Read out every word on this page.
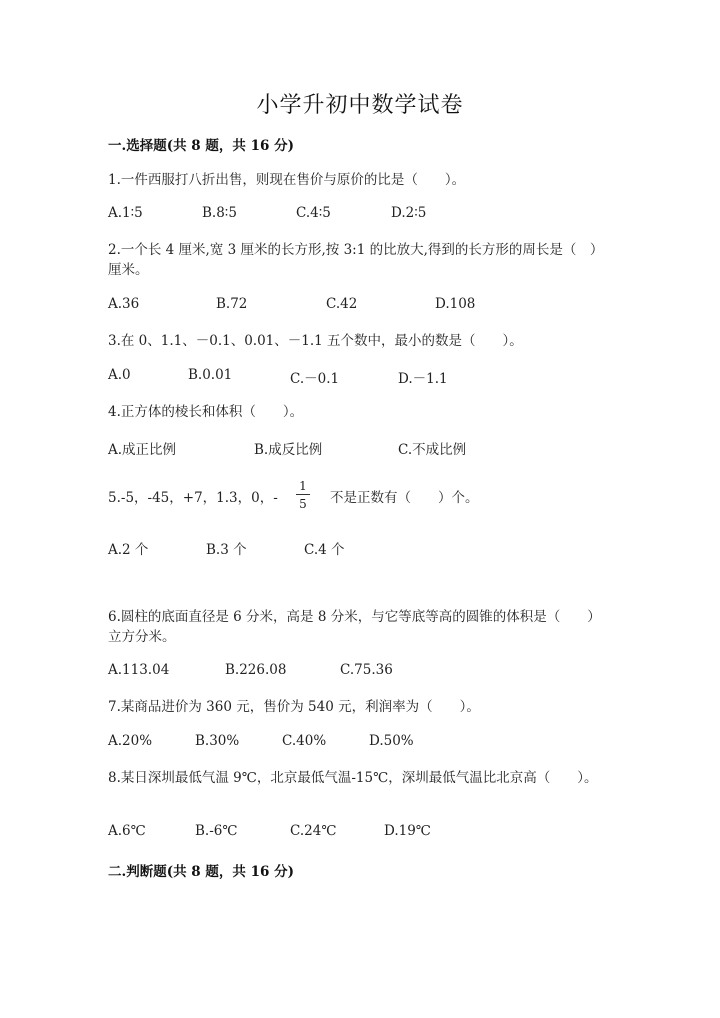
小学升初中数学试卷
一.选择题(共 8 题，共 16 分)
1.一件西服打八折出售，则现在售价与原价的比是（　　）。
A.1∶5	B.8∶5	C.4∶5	D.2∶5
2.一个长 4 厘米,宽 3 厘米的长方形,按 3:1 的比放大,得到的长方形的周长是（　）厘米。
A.36	B.72	C.42	D.108
3.在 0、1.1、－0.1、0.01、－1.1 五个数中，最小的数是（　　）。
A.0	B.0.01	C.－0.1	D.－1.1
4.正方体的棱长和体积（　　）。
A.成正比例	B.成反比例	C.不成比例
5.-5，-45，+7，1.3，0，-
1
5 不是正数有（　　）个。
A.2 个	B.3 个	C.4 个
6.圆柱的底面直径是 6 分米，高是 8 分米，与它等底等高的圆锥的体积是（　　）立方分米。
A.113.04	B.226.08	C.75.36
7.某商品进价为 360 元，售价为 540 元，利润率为（　　）。
A.20%	B.30%	C.40%	D.50%
8.某日深圳最低气温 9℃，北京最低气温-15℃，深圳最低气温比北京高（　　）。
A.6℃	B.-6℃	C.24℃	D.19℃
二.判断题(共 8 题，共 16 分)
